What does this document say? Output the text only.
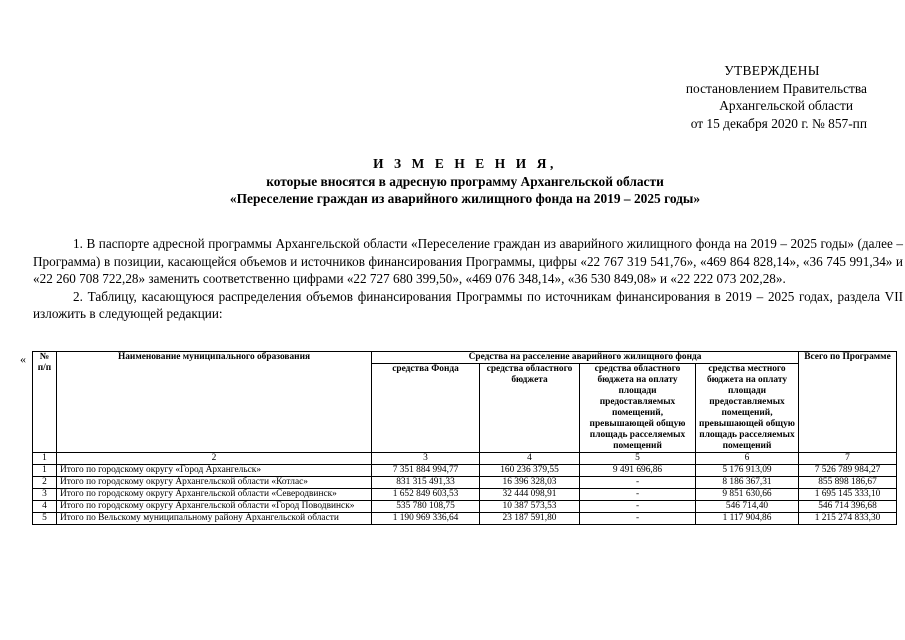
УТВЕРЖДЕНЫ
постановлением Правительства
Архангельской области
от 15 декабря 2020 г. № 857-пп
И З М Е Н Е Н И Я,
которые вносятся в адресную программу Архангельской области
«Переселение граждан из аварийного жилищного фонда на 2019 – 2025 годы»

1. В паспорте адресной программы Архангельской области «Переселение граждан из аварийного жилищного фонда на 2019 – 2025 годы» (далее – Программа) в позиции, касающейся объемов и источников финансирования Программы, цифры «22 767 319 541,76», «469 864 828,14», «36 745 991,34» и «22 260 708 722,28» заменить соответственно цифрами «22 727 680 399,50», «469 076 348,14», «36 530 849,08» и «22 222 073 202,28».

2. Таблицу, касающуюся распределения объемов финансирования Программы по источникам финансирования в 2019 – 2025 годах, раздела VII изложить в следующей редакции:

« № п/п	Наименование муниципального образования	Средства на расселение аварийного жилищного фонда				Всего по Программе
		средства Фонда	средства областного бюджета	средства областного бюджета на оплату площади предоставляемых помещений, превышающей общую площадь расселяемых помещений	средства местного бюджета на оплату площади предоставляемых помещений, превышающей общую площадь расселяемых помещений	
1	2	3	4	5	6	7
1	Итого по городскому округу «Город Архангельск»	7 351 884 994,77	160 236 379,55	9 491 696,86	5 176 913,09	7 526 789 984,27
2	Итого по городскому округу Архангельской области «Котлас»	831 315 491,33	16 396 328,03	-	8 186 367,31	855 898 186,67
3	Итого по городскому округу Архангельской области «Северодвинск»	1 652 849 603,53	32 444 098,91	-	9 851 630,66	1 695 145 333,10
4	Итого по городскому округу Архангельской области «Город Поводвинск»	535 780 108,75	10 387 573,53	-	546 714,40	546 714 396,68
5	Итого по Вельскому муниципальному району Архангельской области	1 190 969 336,64	23 187 591,80	-	1 117 904,86	1 215 274 833,30
